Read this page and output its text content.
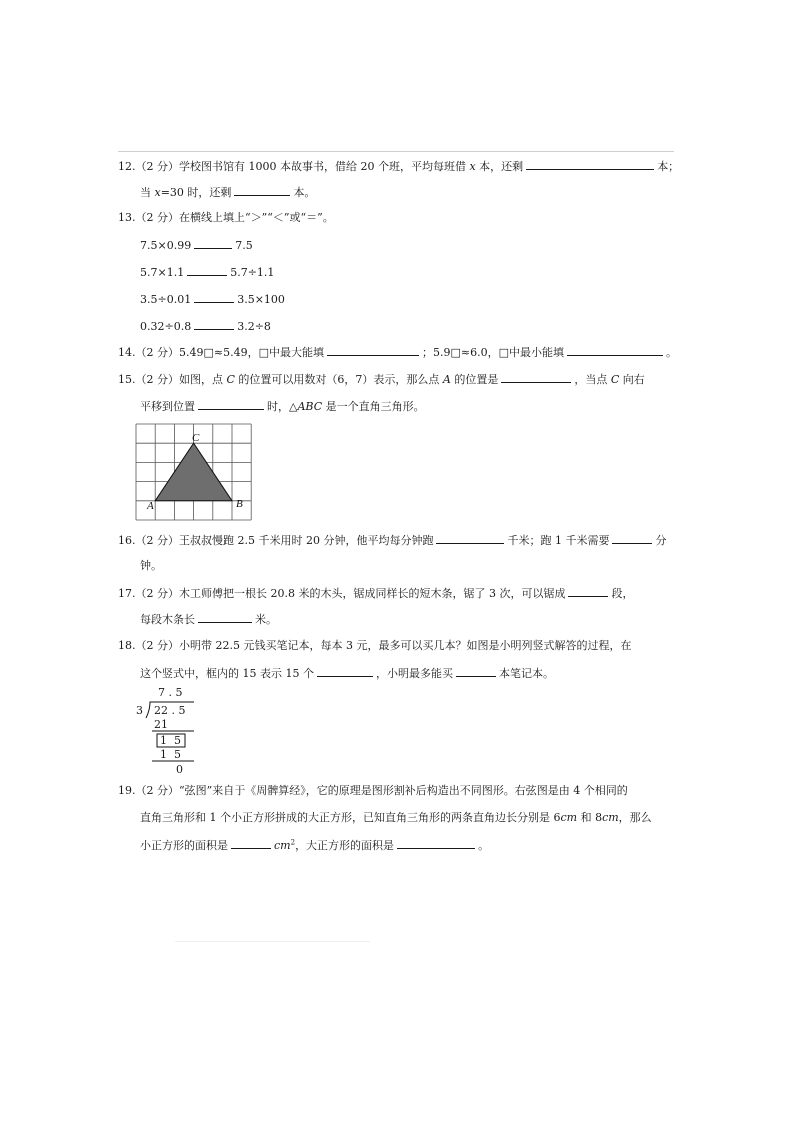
12.（2 分）学校图书馆有 1000 本故事书，借给 20 个班，平均每班借 x 本，还剩	本；
当 x=30 时，还剩	本。
13.（2 分）在横线上填上“＞”“＜”或“＝”。
7.5×0.99	7.5
5.7×1.1	5.7÷1.1
3.5÷0.01	3.5×100
0.32÷0.8	3.2÷8
14.（2 分）5.49□≈5.49，□中最大能填	；5.9□≈6.0，□中最小能填	。
15.（2 分）如图，点 C 的位置可以用数对（6，7）表示，那么点 A 的位置是	，当点 C 向右
平移到位置	时，△ABC 是一个直角三角形。
A	B
C
16.（2 分）王叔叔慢跑 2.5 千米用时 20 分钟，他平均每分钟跑	千米；跑 1 千米需要	分
钟。
17.（2 分）木工师傅把一根长 20.8 米的木头，锯成同样长的短木条，锯了 3 次，可以锯成	段，
每段木条长	米。
18.（2 分）小明带 22.5 元钱买笔记本，每本 3 元，最多可以买几本？如图是小明列竖式解答的过程，在
这个竖式中，框内的 15 表示 15 个	，小明最多能买	本笔记本。
7 . 5
3 22 . 5
21
1  5
1  5
0
19.（2 分）“弦图”来自于《周髀算经》，它的原理是图形割补后构造出不同图形。右弦图是由 4 个相同的
直角三角形和 1 个小正方形拼成的大正方形，已知直角三角形的两条直角边长分别是 6cm 和 8cm，那么
小正方形的面积是	$cm^2$，大正方形的面积是	。
